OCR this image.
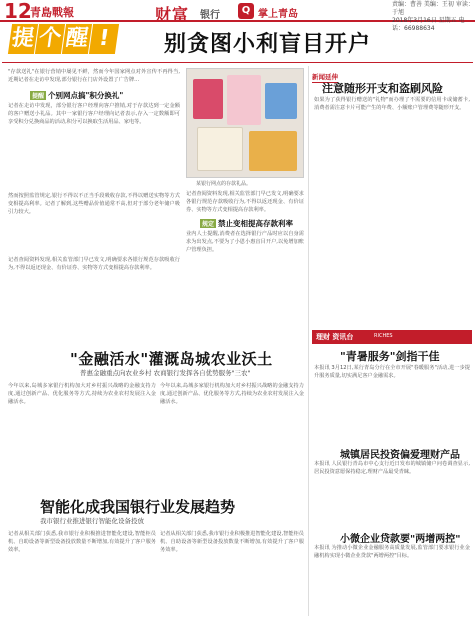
12
青島戰報	财富 银行	Q 掌上青岛
责编：曹善 美编：王初 审读：于旭
2018年3月16日 星期五 电话：66988634
提个醒 !	别贪图小利盲目开户
"存款送礼"在银行营销中屡见不鲜，然而今年国家网点对外宣传不再得当,近期记者在走访中发现,部分银行在门店外设置了广告牌...
提醒 个别网点搞"积分换礼"
记者在走访中发现，部分银行客户经理向客户推销,对于存款达到一定金额的客户赠送小礼品。其中一家银行客户经理向记者表示,存入一定数额即可享受积分兑换商品的活动,积分可以换取生活用品、家电等。
然而按照监管规定,银行不得以不正当手段吸收存款,不得以赠送实物等方式变相提高利率。记者了解到,这些赠品价值通常不高,但对于部分老年储户吸引力较大。
某银行网点的存款礼品。
记者查阅资料发现,相关监管部门早已发文,明确要求各银行规范存款吸收行为,不得以返还现金、有价证券、实物等方式变相提高存款利率。
规定 禁止变相提高存款利率
业内人士提醒,消费者在选择银行产品时应以自身需求为出发点,不要为了小恩小惠盲目开户,以免增加账户管理负担。
记者查阅资料发现,相关监管部门早已发文,明确要求各银行规范存款吸收行为,不得以返还现金、有价证券、实物等方式变相提高存款利率。
"金融活水"灌溉岛城农业沃土
普惠金融重点向农业乡村 农商银行发挥各自优势服务"三农"
今年以来,岛城多家银行机构加大对乡村振兴战略的金融支持力度,通过创新产品、优化服务等方式,持续为农业农村发展注入金融活水。
今年以来,岛城多家银行机构加大对乡村振兴战略的金融支持力度,通过创新产品、优化服务等方式,持续为农业农村发展注入金融活水。
智能化成我国银行业发展趋势
我市银行业推进银行智能化设备投放
记者从相关部门获悉,我市银行业积极推进智能化建设,智能柜员机、自助设备等新型设备投放数量不断增加,有效提升了客户服务效率。
记者从相关部门获悉,我市银行业积极推进智能化建设,智能柜员机、自助设备等新型设备投放数量不断增加,有效提升了客户服务效率。
新闻延伸
注意随形开支和盗刷风险
如果为了获得银行赠送的"礼物"而办理了不需要的信用卡或储蓄卡,消费者需注意卡片可能产生的年费、小额账户管理费等随形开支。
理财 资讯台	RICHES
"青暑服务"剑指干佳
本报讯 3月12日,某行青岛分行在全市开展"春暖服务"活动,进一步提升服务质量,切实满足客户金融需求。
城镇居民投资偏爱理财产品
本报讯 人民银行青岛市中心支行近日发布的城镇储户问卷调查显示,居民投资意愿保持稳定,理财产品最受青睐。
小微企业贷款要"两增两控"
本报讯 为推动小微企业金融服务高质量发展,监管部门要求银行业金融机构实现小微企业贷款"两增两控"目标。
